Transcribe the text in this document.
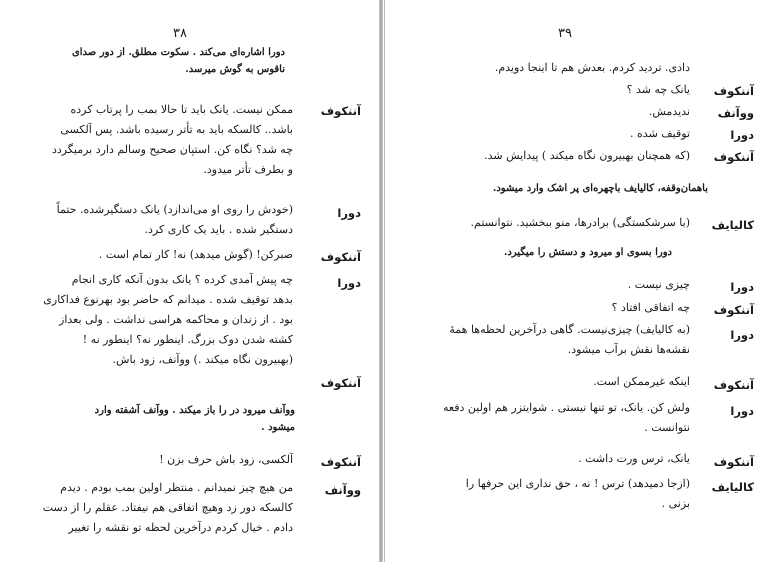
۳۸
دورا اشاره‌ای می‌کند . سکوت مطلق. از دور صدای
ناقوس به گوش میرسد.
آننکوف
ممکن نیست. یانک باید تا حالا بمب را پرتاب کرده
باشد.. کالسکه باید به تأتر رسیده باشد. پس آلکسی
چه شد؟ نگاه کن. استپان صحیح وسالم دارد برمیگردد
و بطرف تأتر میدود.
دورا
(خودش را روی او می‌اندازد) یانک دستگیرشده. حتماً
دستگیر شده . باید یک کاری کرد.
آننکوف
صبرکن! (گوش میدهد) نه! کار تمام است .
دورا
چه پیش آمدی کرده ؟ یانک بدون آنکه کاری انجام
بدهد توقیف شده . میدانم که حاضر بود بهرنوع فداکاری
بود . از زندان و محاکمه هراسی نداشت . ولی بعداز
کشته شدن دوک بزرگ. اینطور نه؟ اینطور نه !
(بهبیرون نگاه میکند .) ووآنف، زود باش.
آننکوف
ووآنف میرود در را باز میکند . ووآنف آشفته وارد
میشود .
آننکوف
آلکسی، زود باش حرف بزن !
ووآنف
من هیچ چیز نمیدانم . منتظر اولین بمب بودم . دیدم
کالسکه دور زد وهیچ اتفاقی هم نیفتاد. عقلم را از دست
دادم . خیال کردم درآخرین لحظه تو نقشه را تغییر
۳۹
دادی. تردید کردم. بعدش هم تا اینجا دویدم.
آننکوف
یانک چه شد ؟
ووآنف
ندیدمش.
دورا
توقیف شده .
آننکوف
(که همچنان بهبیرون نگاه میکند ) پیدایش شد.
باهمان‌وقفه، کالیایف باچهره‌ای پر اشک وارد میشود.
کالیایف
(با سرشکستگی) برادرها، منو ببخشید. نتوانستم.
دورا بسوی او میرود و دستش را میگیرد.
دورا
چیزی نیست .
آننکوف
چه اتفاقی افتاد ؟
دورا
(به کالیایف) چیزی‌نیست. گاهی درآخرین لحظه‌ها همهٔ
نقشه‌ها نقش برآب میشود.
آننکوف
اینکه غیرممکن است.
دورا
ولش کن. یانک، تو تنها نیستی . شوایتزر هم اولین دفعه
نتوانست .
آننکوف
یانک، ترس ورت داشت .
کالیایف
(ازجا دمیدهد) ترس ! نه ، حق نداری این حرفها را
بزنی .
